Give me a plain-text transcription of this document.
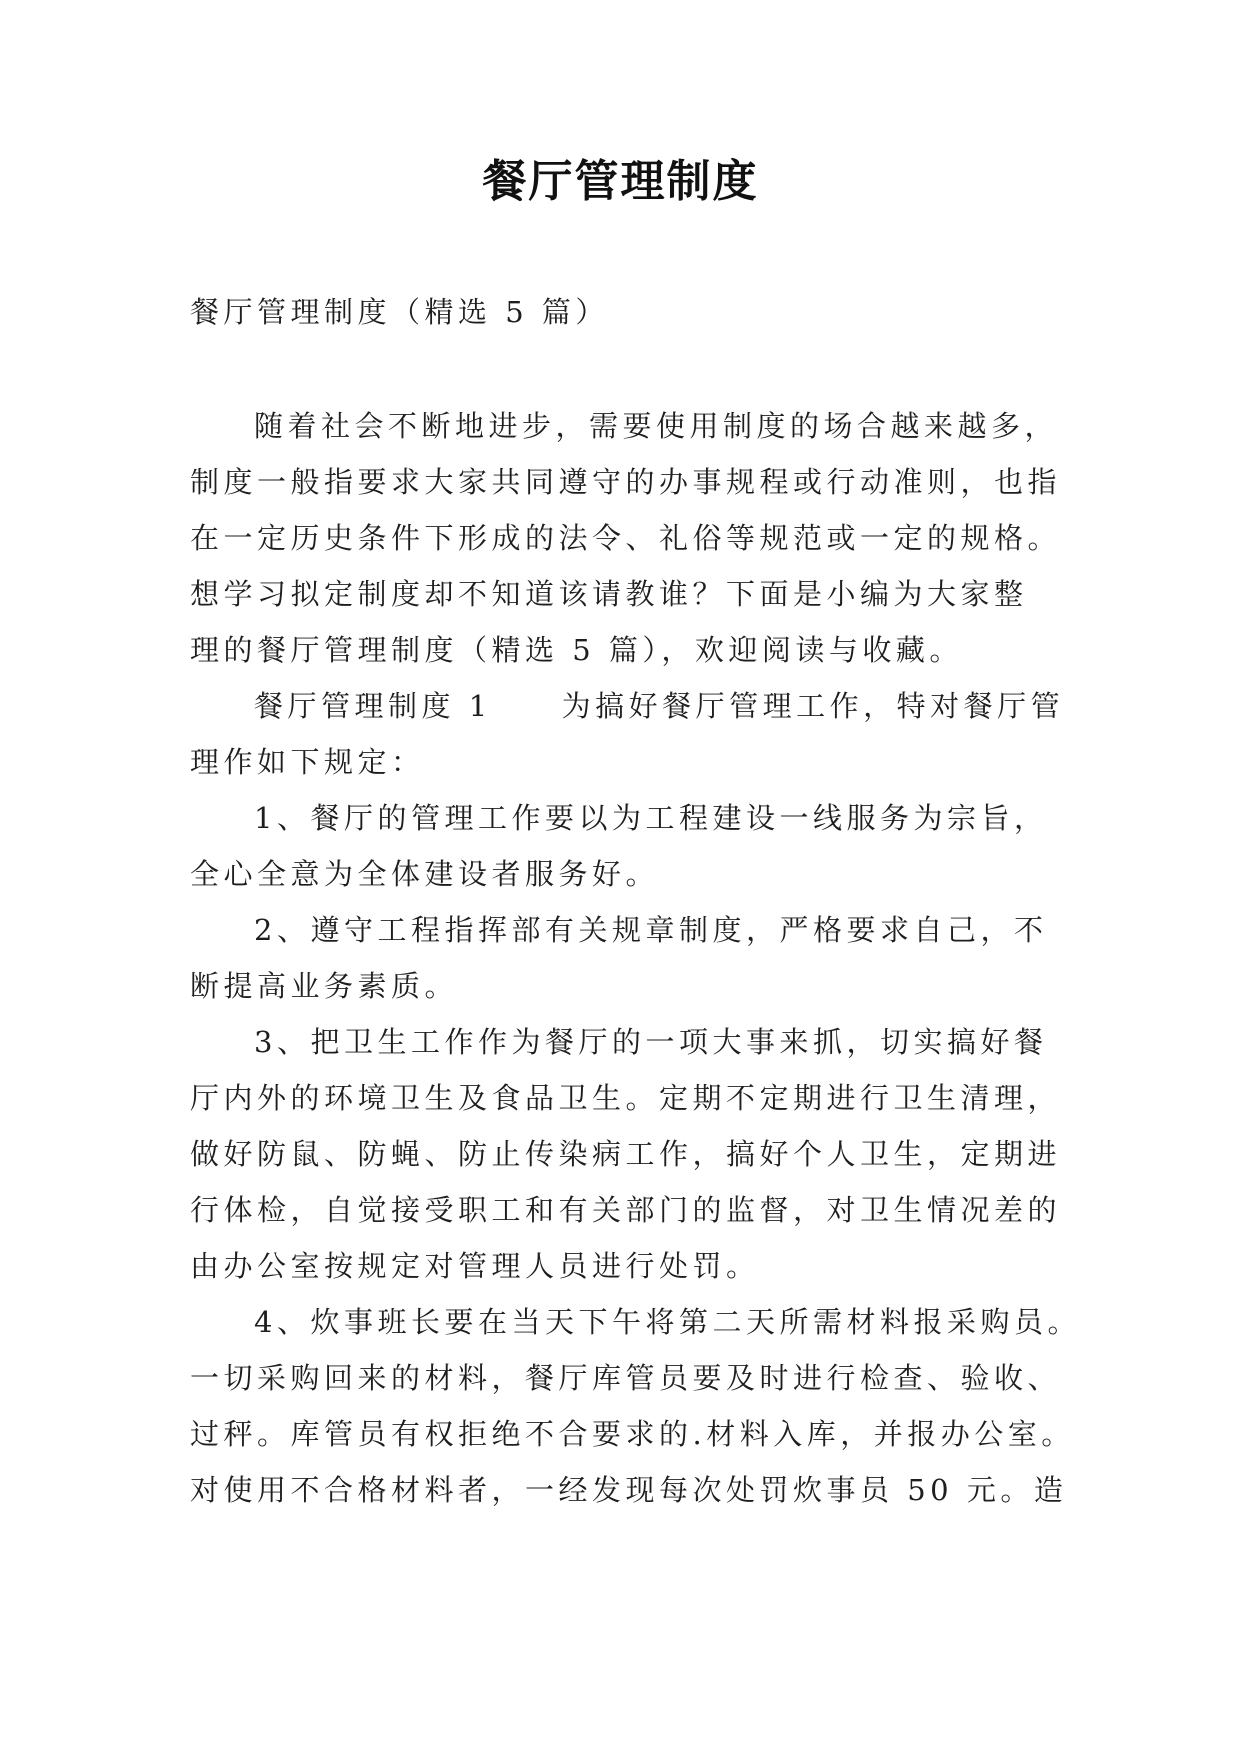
餐厅管理制度
餐厅管理制度（精选 5 篇）
随着社会不断地进步，需要使用制度的场合越来越多，
制度一般指要求大家共同遵守的办事规程或行动准则，也指
在一定历史条件下形成的法令、礼俗等规范或一定的规格。
想学习拟定制度却不知道该请教谁？下面是小编为大家整
理的餐厅管理制度（精选 5 篇），欢迎阅读与收藏。
餐厅管理制度 1 为搞好餐厅管理工作，特对餐厅管
理作如下规定：
1、餐厅的管理工作要以为工程建设一线服务为宗旨，
全心全意为全体建设者服务好。
2、遵守工程指挥部有关规章制度，严格要求自己，不
断提高业务素质。
3、把卫生工作作为餐厅的一项大事来抓，切实搞好餐
厅内外的环境卫生及食品卫生。定期不定期进行卫生清理，
做好防鼠、防蝇、防止传染病工作，搞好个人卫生，定期进
行体检，自觉接受职工和有关部门的监督，对卫生情况差的
由办公室按规定对管理人员进行处罚。
4、炊事班长要在当天下午将第二天所需材料报采购员。
一切采购回来的材料，餐厅库管员要及时进行检查、验收、
过秤。库管员有权拒绝不合要求的.材料入库，并报办公室。
对使用不合格材料者，一经发现每次处罚炊事员 50 元。造
